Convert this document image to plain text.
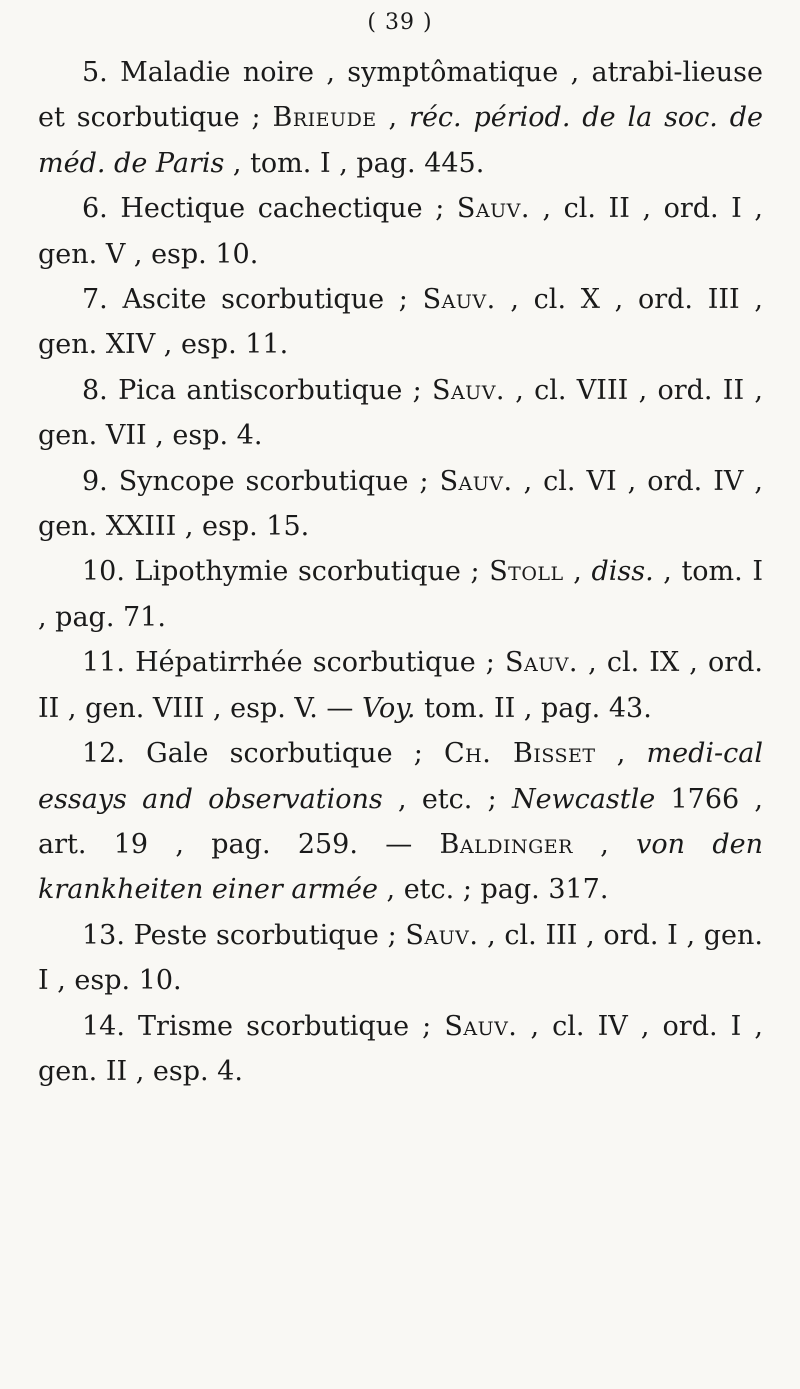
( 39 )

5. Maladie noire , symptômatique , atrabi-lieuse et scorbutique ; Brieude , réc. périod. de la soc. de méd. de Paris , tom. I , pag. 445.

6. Hectique cachectique ; Sauv. , cl. II , ord. I , gen. V , esp. 10.

7. Ascite scorbutique ; Sauv. , cl. X , ord. III , gen. XIV , esp. 11.

8. Pica antiscorbutique ; Sauv. , cl. VIII , ord. II , gen. VII , esp. 4.

9. Syncope scorbutique ; Sauv. , cl. VI , ord. IV , gen. XXIII , esp. 15.

10. Lipothymie scorbutique ; Stoll , diss. , tom. I , pag. 71.

11. Hépatirrhée scorbutique ; Sauv. , cl. IX , ord. II , gen. VIII , esp. V. — Voy. tom. II , pag. 43.

12. Gale scorbutique ; Ch. Bisset , medi-cal essays and observations , etc. ; Newcastle 1766 , art. 19 , pag. 259. — Baldinger , von den krankheiten einer armée , etc. ; pag. 317.

13. Peste scorbutique ; Sauv. , cl. III , ord. I , gen. I , esp. 10.

14. Trisme scorbutique ; Sauv. , cl. IV , ord. I , gen. II , esp. 4.
